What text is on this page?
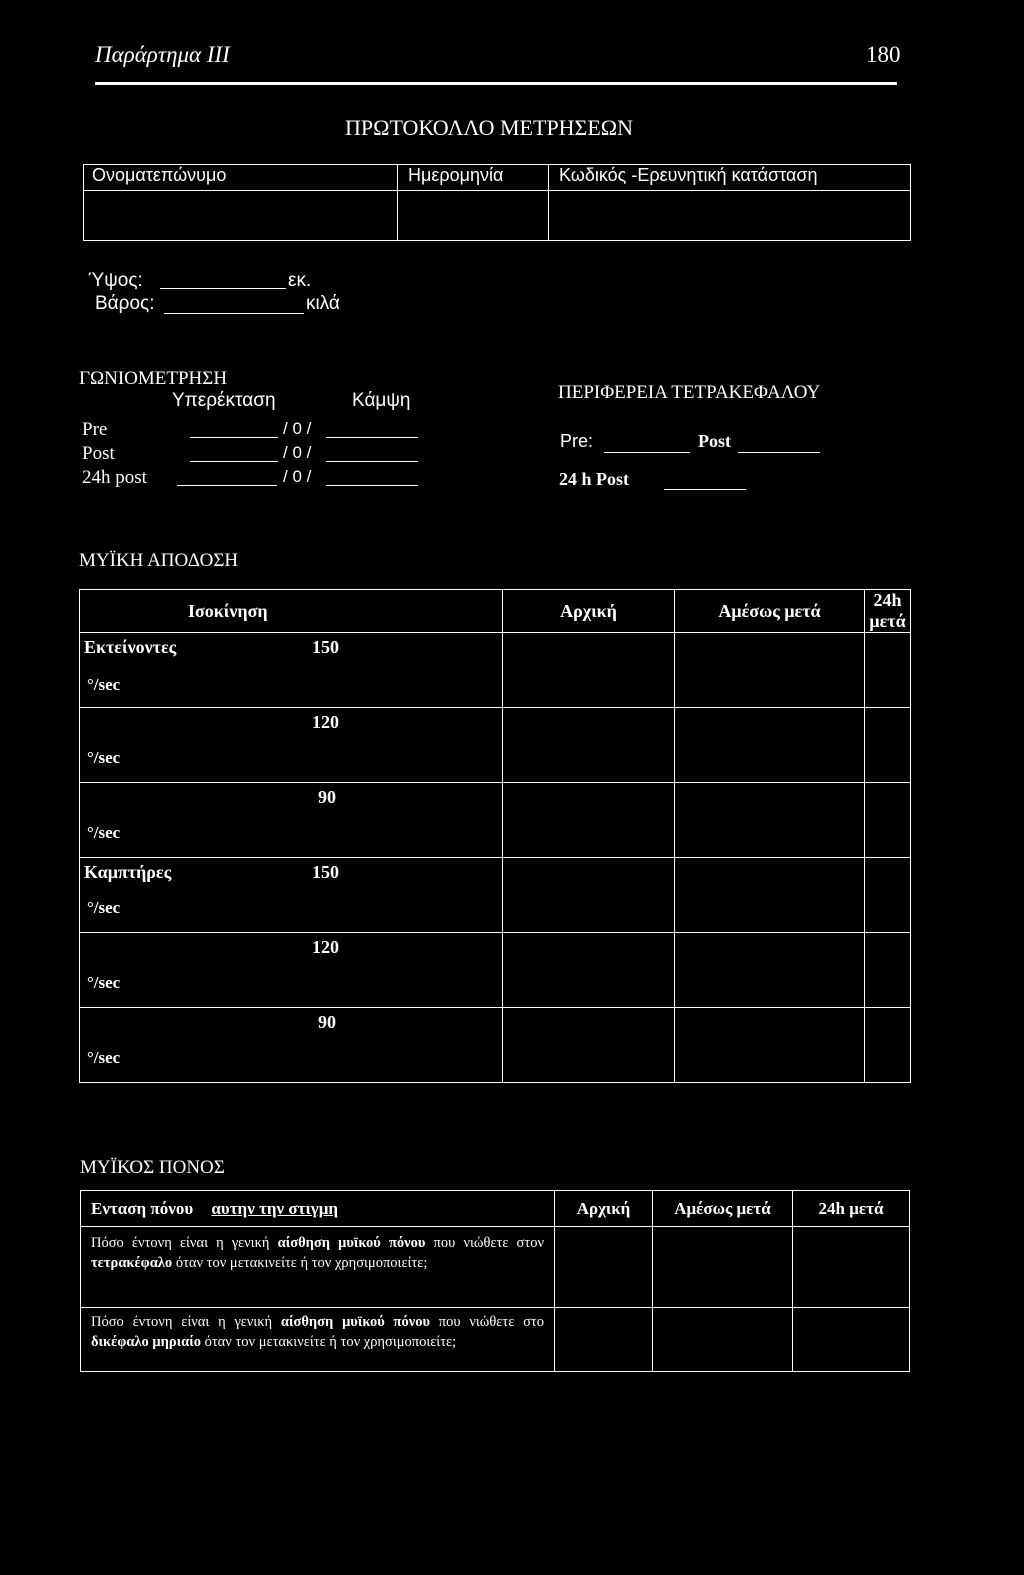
Παράρτημα III	180
ΠΡΩΤΟΚΟΛΛΟ ΜΕΤΡΗΣΕΩΝ
Ονοματεπώνυμο	Ημερομηνία	Κωδικός -Ερευνητική κατάσταση

Ύψος:	εκ.
Βάρος:	κιλά
ΓΩΝΙΟΜΕΤΡΗΣΗ
Υπερέκταση	Κάμψη
Pre	/ 0 /
Post	/ 0 /
24h post	/ 0 /
ΠΕΡΙΦΕΡΕΙΑ ΤΕΤΡΑΚΕΦΑΛΟΥ
Pre:	Post
24 h Post
ΜΥΪΚΗ ΑΠΟΔΟΣΗ
Ισοκίνηση	Αρχική	Αμέσως μετά	24h μετά

Εκτείνοντες 150
°/sec			

120
°/sec			

90
°/sec			

Καμπτήρες 150
°/sec			

120
°/sec			

90
°/sec			

ΜΥΪΚΟΣ ΠΟΝΟΣ
Ενταση πόνου αυτην την στιγμη	Αρχική	Αμέσως μετά	24h μετά
Πόσο έντονη είναι η γενική αίσθηση μυϊκού πόνου που νιώθετε στον τετρακέφαλο όταν τον μετακινείτε ή τον χρησιμοποιείτε;			
Πόσο έντονη είναι η γενική αίσθηση μυϊκού πόνου που νιώθετε στο δικέφαλο μηριαίο όταν τον μετακινείτε ή τον χρησιμοποιείτε;			
